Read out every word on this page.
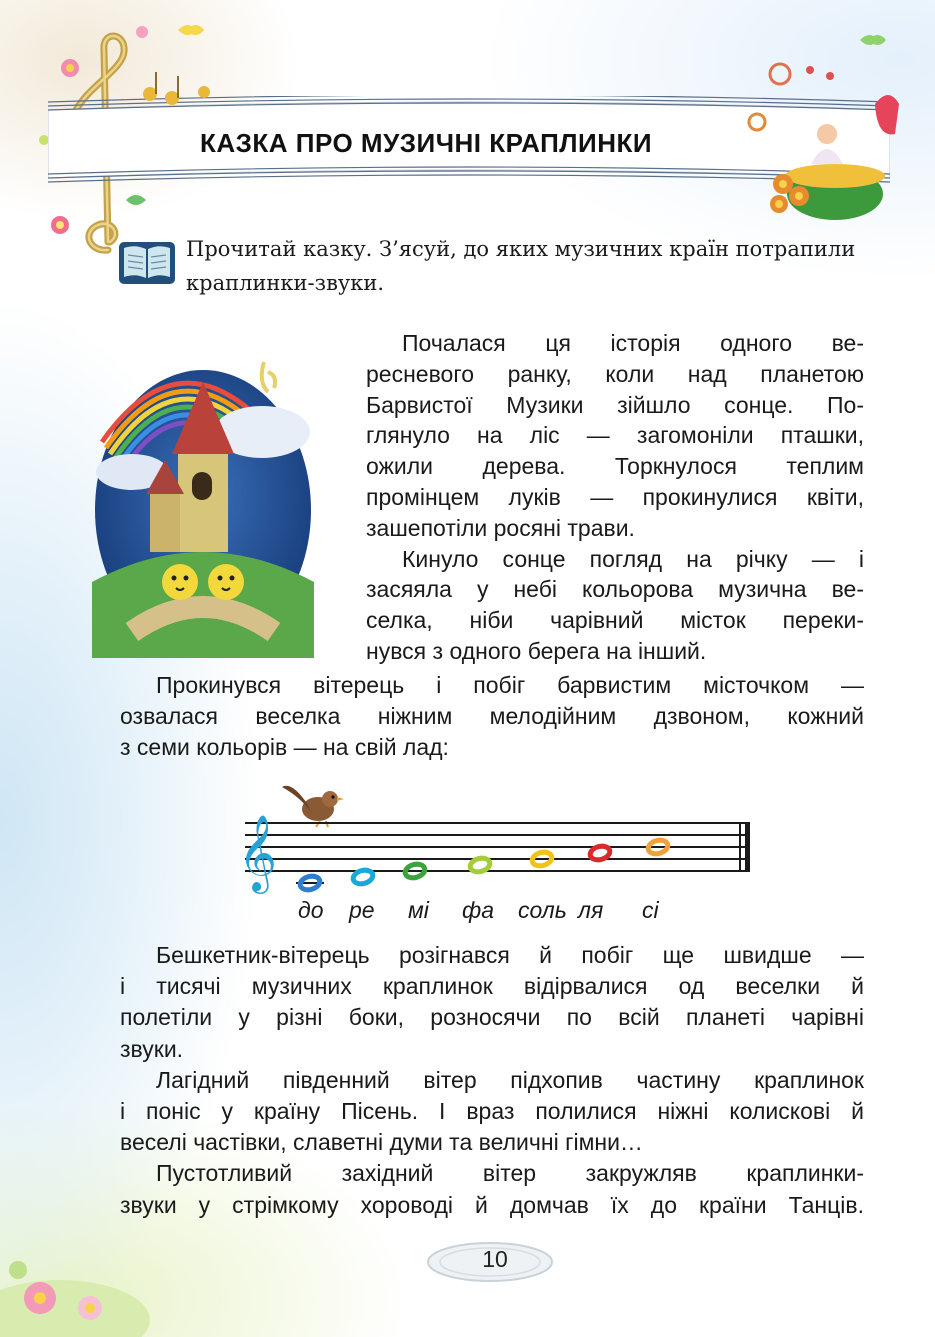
КАЗКА ПРО МУЗИЧНІ КРАПЛИНКИ
Прочитай казку. З’ясуй, до яких музичних країн потрапили краплинки-звуки.

Почалася ця історія одного ве-

ресневого ранку, коли над планетою

Барвистої Музики зійшло сонце. По-

глянуло на ліс — загомоніли пташки,

ожили дерева. Торкнулося теплим

промінцем луків — прокинулися квіти,

зашепотіли росяні трави.

Кинуло сонце погляд на річку — і

засяяла у небі кольорова музична ве-

селка, ніби чарівний місток переки-

нувся з одного берега на інший.

Прокинувся вітерець і побіг барвистим місточком —

озвалася веселка ніжним мелодійним дзвоном, кожний

з семи кольорів — на свій лад:

𝄞
до ре мі фа соль ля сі

Бешкетник-вітерець розігнався й побіг ще швидше —

і тисячі музичних краплинок відірвалися од веселки й

полетіли у різні боки, розносячи по всій планеті чарівні

звуки.

Лагідний південний вітер підхопив частину краплинок

і поніс у країну Пісень. І враз полилися ніжні колискові й

веселі частівки, славетні думи та величні гімни…

Пустотливий західний вітер закружляв краплинки-

звуки у стрімкому хороводі й домчав їх до країни Танців.

10
